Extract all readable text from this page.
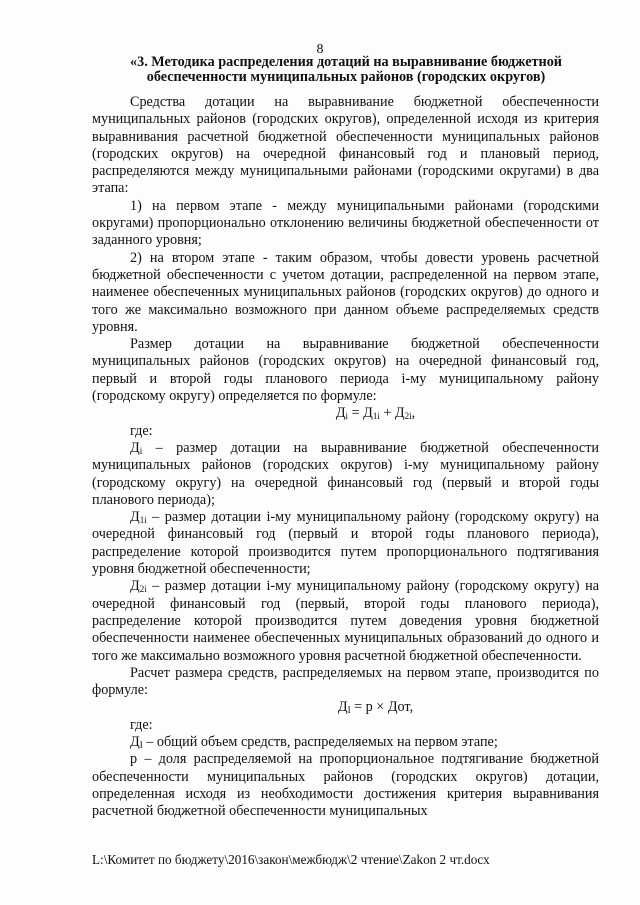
8
«3. Методика распределения дотаций на выравнивание бюджетной обеспеченности муниципальных районов (городских округов)

Средства дотации на выравнивание бюджетной обеспеченности муниципальных районов (городских округов), определенной исходя из критерия выравнивания расчетной бюджетной обеспеченности муниципальных районов (городских округов) на очередной финансовый год и плановый период, распределяются между муниципальными районами (городскими округами) в два этапа:

1) на первом этапе - между муниципальными районами (городскими округами) пропорционально отклонению величины бюджетной обеспеченности от заданного уровня;

2) на втором этапе - таким образом, чтобы довести уровень расчетной бюджетной обеспеченности с учетом дотации, распределенной на первом этапе, наименее обеспеченных муниципальных районов (городских округов) до одного и того же максимально возможного при данном объеме распределяемых средств уровня.

Размер дотации на выравнивание бюджетной обеспеченности муниципальных районов (городских округов) на очередной финансовый год, первый и второй годы планового периода i-му муниципальному району (городскому округу) определяется по формуле:

$Д_i = Д_{1i} + Д_{2i}$,

где:

$Д_i$ – размер дотации на выравнивание бюджетной обеспеченности муниципальных районов (городских округов) i-му муниципальному району (городскому округу) на очередной финансовый год (первый и второй годы планового периода);

$Д_{1i}$ – размер дотации i-му муниципальному району (городскому округу) на очередной финансовый год (первый и второй годы планового периода), распределение которой производится путем пропорционального подтягивания уровня бюджетной обеспеченности;

$Д_{2i}$ – размер дотации i-му муниципальному району (городскому округу) на очередной финансовый год (первый, второй годы планового периода), распределение которой производится путем доведения уровня бюджетной обеспеченности наименее обеспеченных муниципальных образований до одного и того же максимально возможного уровня расчетной бюджетной обеспеченности.

Расчет размера средств, распределяемых на первом этапе, производится по формуле:

$Д_I = р$ × Дот,

где:

$Д_I$ – общий объем средств, распределяемых на первом этапе;

р – доля распределяемой на пропорциональное подтягивание бюджетной обеспеченности муниципальных районов (городских округов) дотации, определенная исходя из необходимости достижения критерия выравнивания расчетной бюджетной обеспеченности муниципальных

L:\Комитет по бюджету\2016\закон\межбюдж\2 чтение\Zakon 2 чт.docx
